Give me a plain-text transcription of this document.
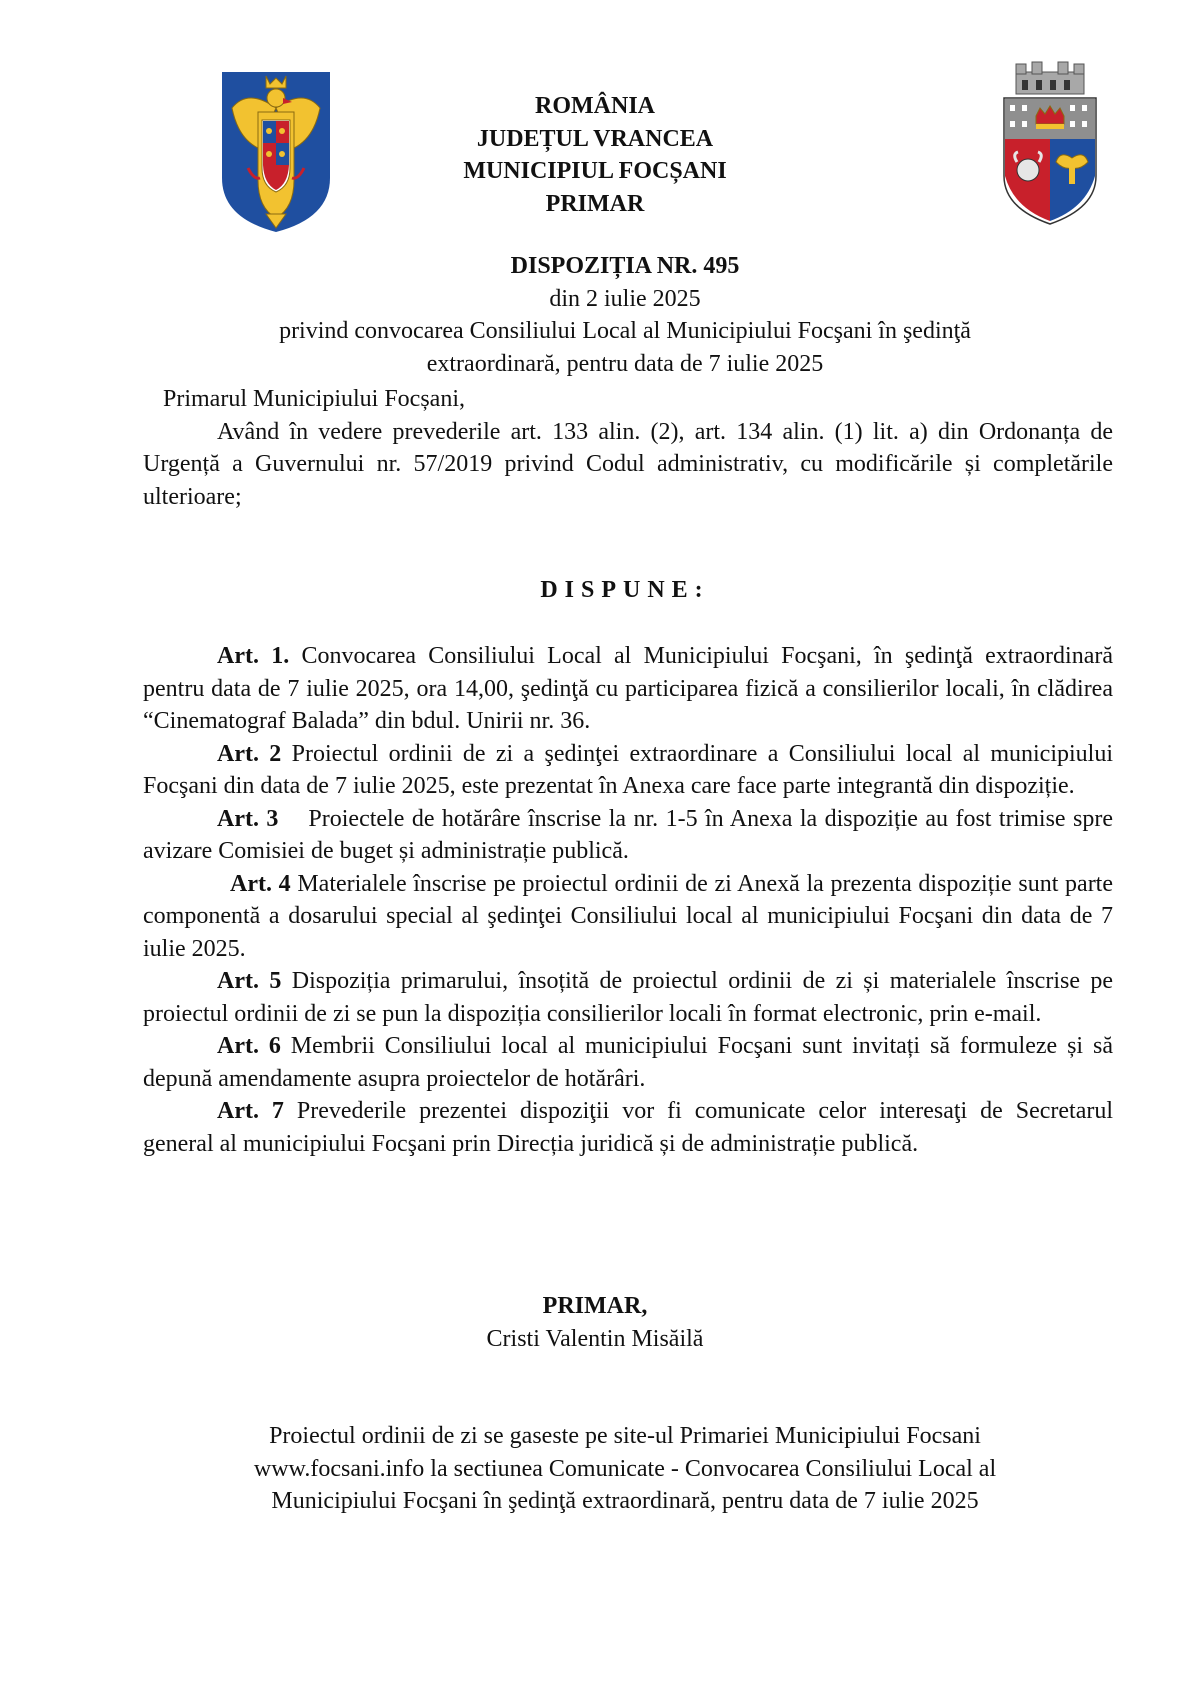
ROMÂNIA
JUDEȚUL VRANCEA
MUNICIPIUL FOCȘANI
PRIMAR
DISPOZIȚIA NR. 495
din 2 iulie 2025
privind convocarea Consiliului Local al Municipiului Focşani în şedinţă
extraordinară, pentru data de 7 iulie 2025

Primarul Municipiului Focșani,

Având în vedere prevederile art. 133 alin. (2), art. 134 alin. (1) lit. a) din Ordonanța de Urgență a Guvernului nr. 57/2019 privind Codul administrativ, cu modificările și completările ulterioare;

DISPUNE:

Art. 1. Convocarea Consiliului Local al Municipiului Focşani, în şedinţă extraordinară pentru data de 7 iulie 2025, ora 14,00, şedinţă cu participarea fizică a consilierilor locali, în clădirea “Cinematograf Balada” din bdul. Unirii nr. 36.

Art. 2 Proiectul ordinii de zi a şedinţei extraordinare a Consiliului local al municipiului Focşani din data de 7 iulie 2025, este prezentat în Anexa care face parte integrantă din dispoziție.

Art. 3 Proiectele de hotărâre înscrise la nr. 1-5 în Anexa la dispoziție au fost trimise spre avizare Comisiei de buget și administrație publică.

Art. 4 Materialele înscrise pe proiectul ordinii de zi Anexă la prezenta dispoziție sunt parte componentă a dosarului special al şedinţei Consiliului local al municipiului Focşani din data de 7 iulie 2025.

Art. 5 Dispoziția primarului, însoțită de proiectul ordinii de zi și materialele înscrise pe proiectul ordinii de zi se pun la dispoziția consilierilor locali în format electronic, prin e-mail.

Art. 6 Membrii Consiliului local al municipiului Focşani sunt invitați să formuleze și să depună amendamente asupra proiectelor de hotărâri.

Art. 7 Prevederile prezentei dispoziţii vor fi comunicate celor interesaţi de Secretarul general al municipiului Focşani prin Direcția juridică și de administrație publică.

PRIMAR,
Cristi Valentin Misăilă
Proiectul ordinii de zi se gaseste pe site-ul Primariei Municipiului Focsani
www.focsani.info la sectiunea Comunicate - Convocarea Consiliului Local al
Municipiului Focşani în şedinţă extraordinară, pentru data de 7 iulie 2025
